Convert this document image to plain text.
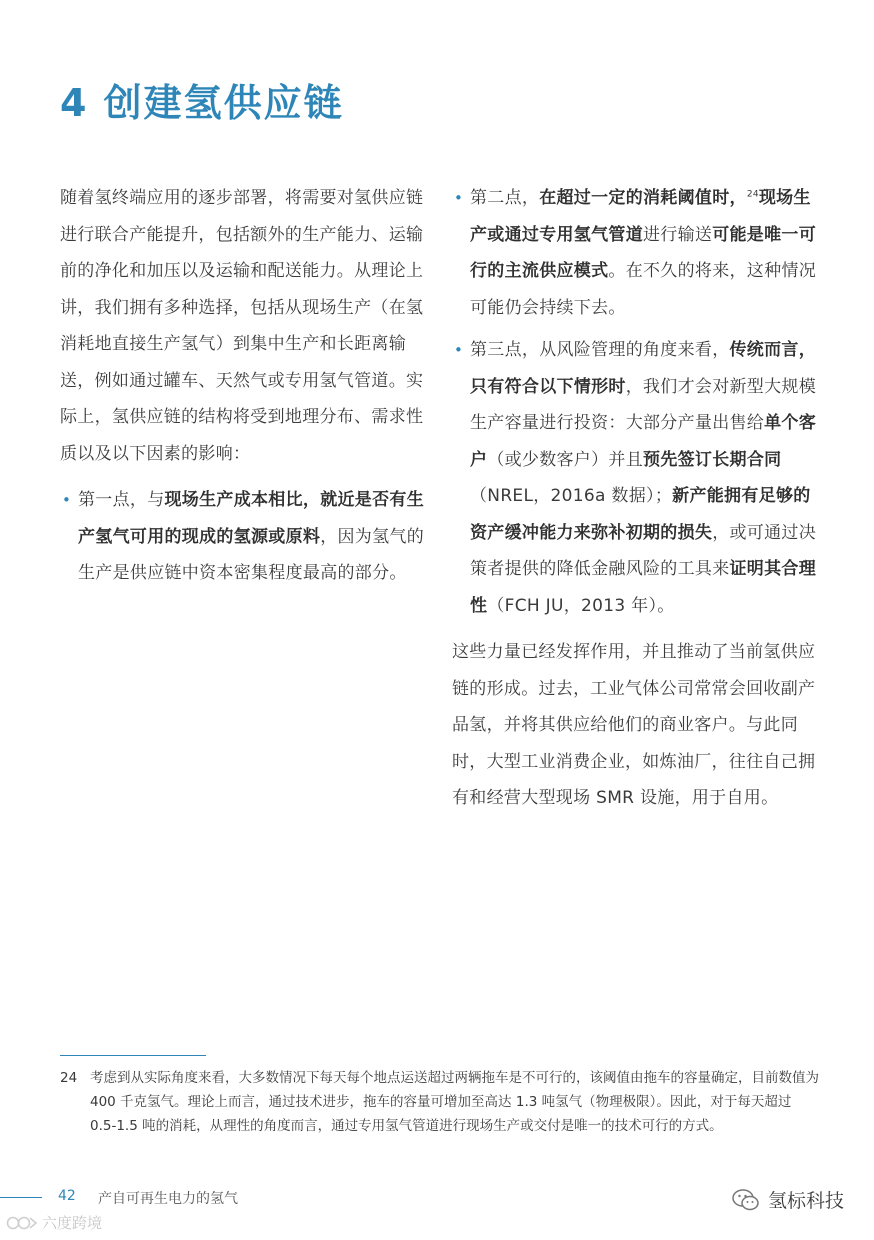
4 创建氢供应链

随着氢终端应用的逐步部署，将需要对氢供应链进行联合产能提升，包括额外的生产能力、运输前的净化和加压以及运输和配送能力。从理论上讲，我们拥有多种选择，包括从现场生产（在氢消耗地直接生产氢气）到集中生产和长距离输送，例如通过罐车、天然气或专用氢气管道。实际上，氢供应链的结构将受到地理分布、需求性质以及以下因素的影响：

• 第一点，与现场生产成本相比，就近是否有生产氢气可用的现成的氢源或原料，因为氢气的生产是供应链中资本密集程度最高的部分。
• 第二点，在超过一定的消耗阈值时，$^{24}$现场生产或通过专用氢气管道进行输送可能是唯一可行的主流供应模式。在不久的将来，这种情况可能仍会持续下去。
• 第三点，从风险管理的角度来看，传统而言，只有符合以下情形时，我们才会对新型大规模生产容量进行投资：大部分产量出售给单个客户（或少数客户）并且预先签订长期合同（NREL，2016a 数据）；新产能拥有足够的资产缓冲能力来弥补初期的损失，或可通过决策者提供的降低金融风险的工具来证明其合理性（FCH JU，2013 年）。

这些力量已经发挥作用，并且推动了当前氢供应链的形成。过去，工业气体公司常常会回收副产品氢，并将其供应给他们的商业客户。与此同时，大型工业消费企业，如炼油厂，往往自己拥有和经营大型现场 SMR 设施，用于自用。

24 考虑到从实际角度来看，大多数情况下每天每个地点运送超过两辆拖车是不可行的，该阈值由拖车的容量确定，目前数值为 400 千克氢气。理论上而言，通过技术进步，拖车的容量可增加至高达 1.3 吨氢气（物理极限）。因此，对于每天超过 0.5-1.5 吨的消耗，从理性的角度而言，通过专用氢气管道进行现场生产或交付是唯一的技术可行的方式。
42 产自可再生电力的氢气	氢标科技
六度跨境
